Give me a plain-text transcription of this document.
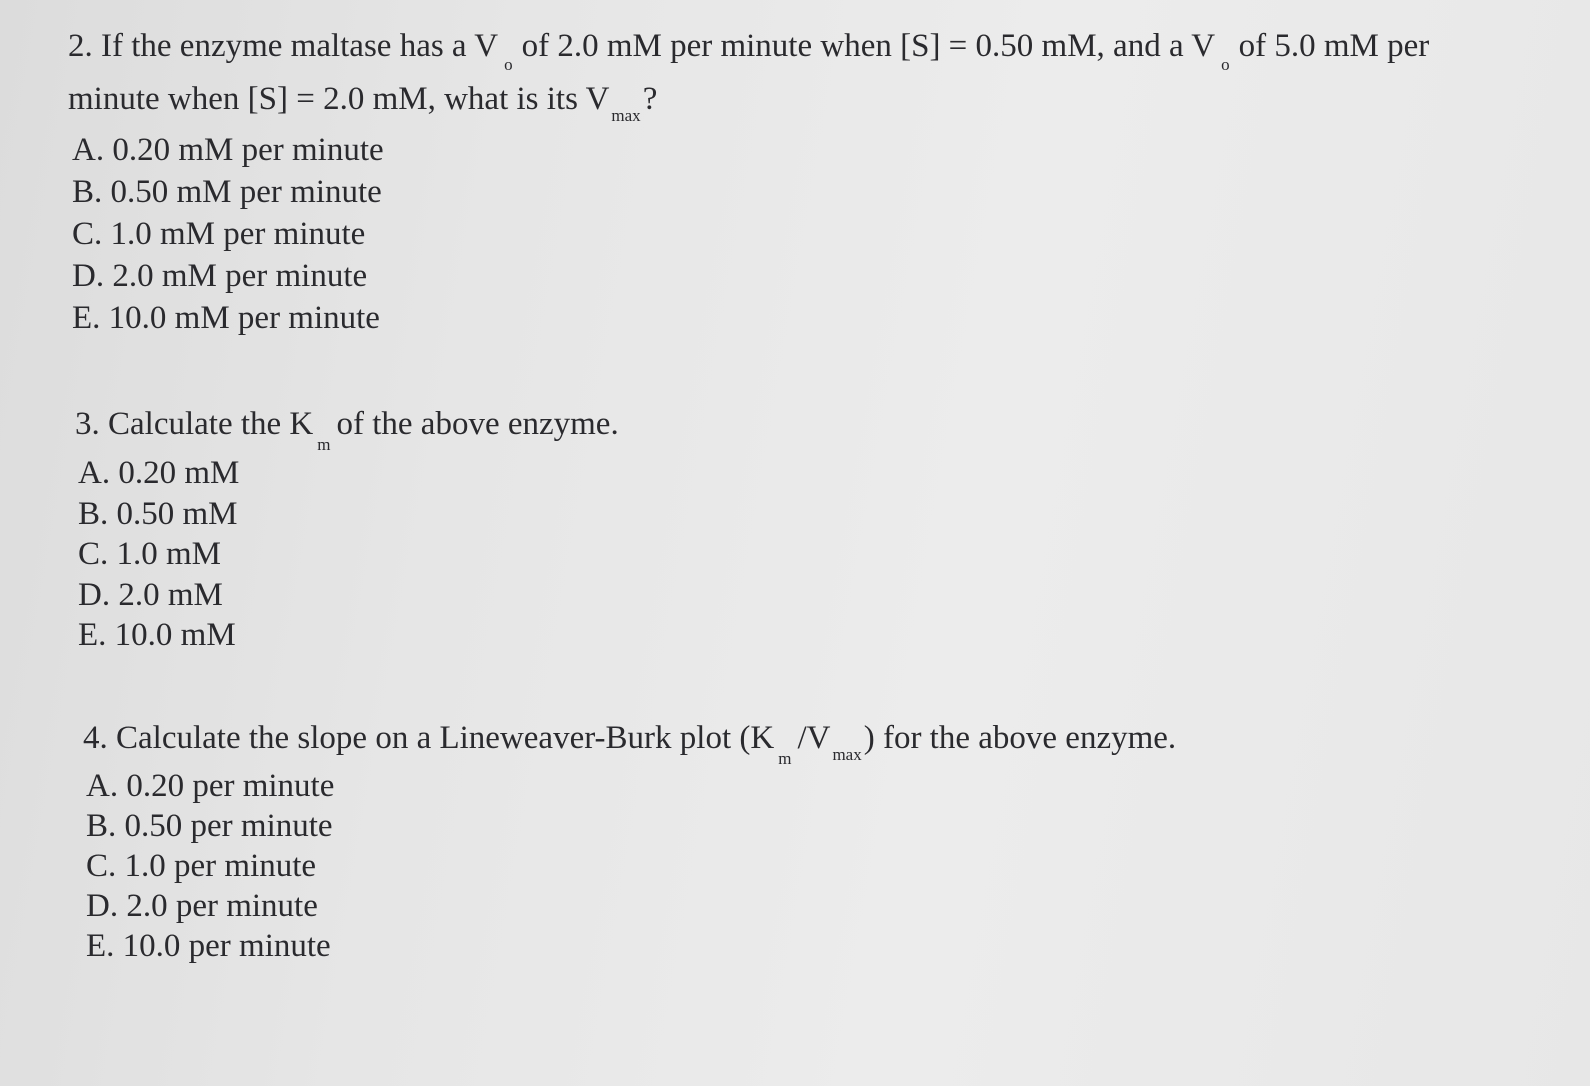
2. If the enzyme maltase has a Voof 2.0 mM per minute when [S] = 0.50 mM, and a Voof 5.0 mM per
minute when [S] = 2.0 mM, what is its V max?
A. 0.20 mM per minute
B. 0.50 mM per minute
C. 1.0 mM per minute
D. 2.0 mM per minute
E. 10.0 mM per minute
3. Calculate the Kmof the above enzyme.
A. 0.20 mM
B. 0.50 mM
C. 1.0 mM
D. 2.0 mM
E. 10.0 mM
4. Calculate the slope on a Lineweaver-Burk plot (Km/V max) for the above enzyme.
A. 0.20 per minute
B. 0.50 per minute
C. 1.0 per minute
D. 2.0 per minute
E. 10.0 per minute
